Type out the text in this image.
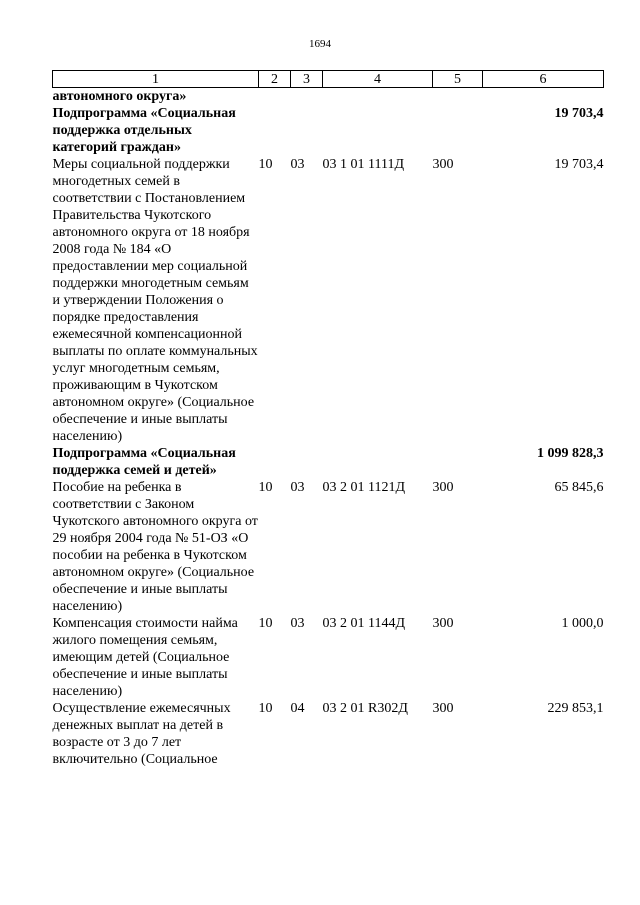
1694
1	2	3	4	5	6
автономного округа»					
Подпрограмма «Социальная поддержка отдельных категорий граждан»					19 703,4
Меры социальной поддержки многодетных семей в соответствии с Постановлением Правительства Чукотского автономного округа от 18 ноября 2008 года № 184 «О предоставлении мер социальной поддержки многодетным семьям и утверждении Положения о порядке предоставления ежемесячной компенсационной выплаты по оплате коммунальных услуг многодетным семьям, проживающим в Чукотском автономном округе» (Социальное обеспечение и иные выплаты населению)	10	03	03 1 01 1111Д	300	19 703,4
Подпрограмма «Социальная поддержка семей и детей»					1 099 828,3
Пособие на ребенка в соответствии с Законом Чукотского автономного округа от 29 ноября 2004 года № 51-ОЗ «О пособии на ребенка в Чукотском автономном округе» (Социальное обеспечение и иные выплаты населению)	10	03	03 2 01 1121Д	300	65 845,6
Компенсация стоимости найма жилого помещения семьям, имеющим детей (Социальное обеспечение и иные выплаты населению)	10	03	03 2 01 1144Д	300	1 000,0
Осуществление ежемесячных денежных выплат на детей в возрасте от 3 до 7 лет включительно (Социальное	10	04	03 2 01 R302Д	300	229 853,1
